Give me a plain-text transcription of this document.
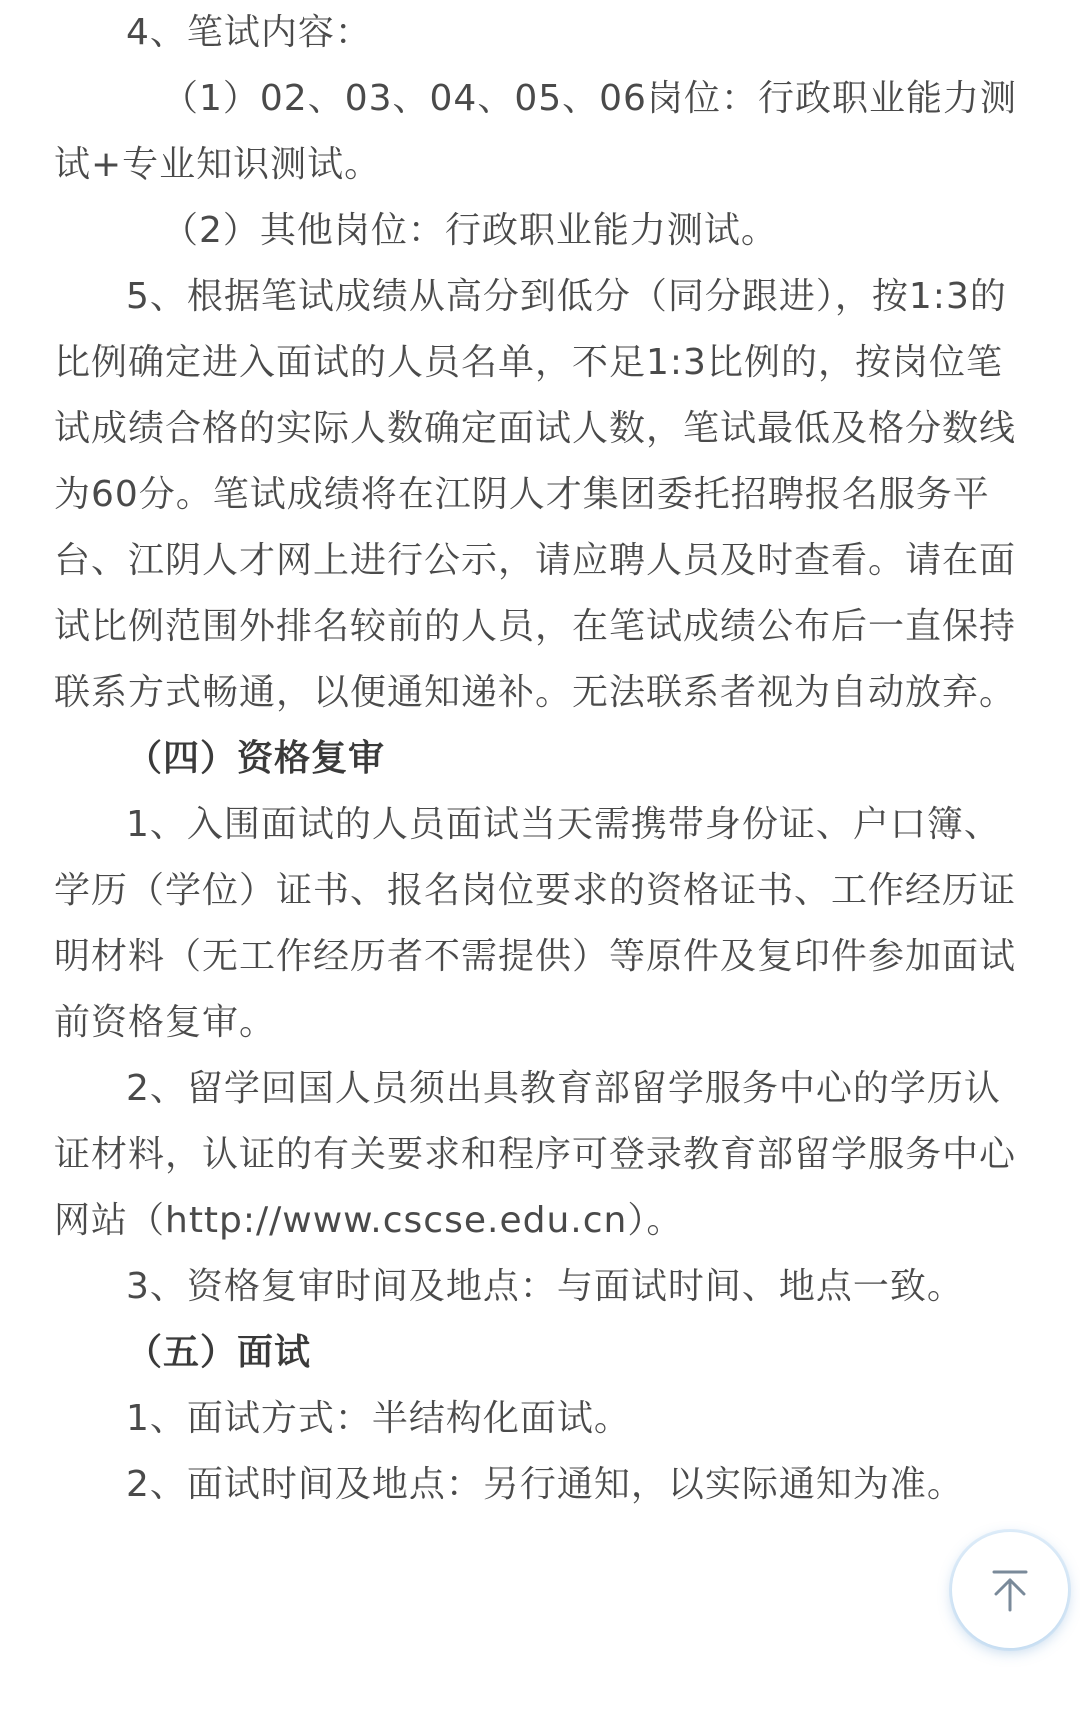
4、笔试内容：

（1）02、03、04、05、06岗位：行政职业能力测试+专业知识测试。

（2）其他岗位：行政职业能力测试。

5、根据笔试成绩从高分到低分（同分跟进），按1:3的比例确定进入面试的人员名单，不足1:3比例的，按岗位笔试成绩合格的实际人数确定面试人数，笔试最低及格分数线为60分。笔试成绩将在江阴人才集团委托招聘报名服务平台、江阴人才网上进行公示，请应聘人员及时查看。请在面试比例范围外排名较前的人员，在笔试成绩公布后一直保持联系方式畅通，以便通知递补。无法联系者视为自动放弃。

（四）资格复审

1、入围面试的人员面试当天需携带身份证、户口簿、学历（学位）证书、报名岗位要求的资格证书、工作经历证明材料（无工作经历者不需提供）等原件及复印件参加面试前资格复审。

2、留学回国人员须出具教育部留学服务中心的学历认证材料，认证的有关要求和程序可登录教育部留学服务中心网站（http://www.cscse.edu.cn）。

3、资格复审时间及地点：与面试时间、地点一致。

（五）面试

1、面试方式：半结构化面试。

2、面试时间及地点：另行通知，以实际通知为准。
